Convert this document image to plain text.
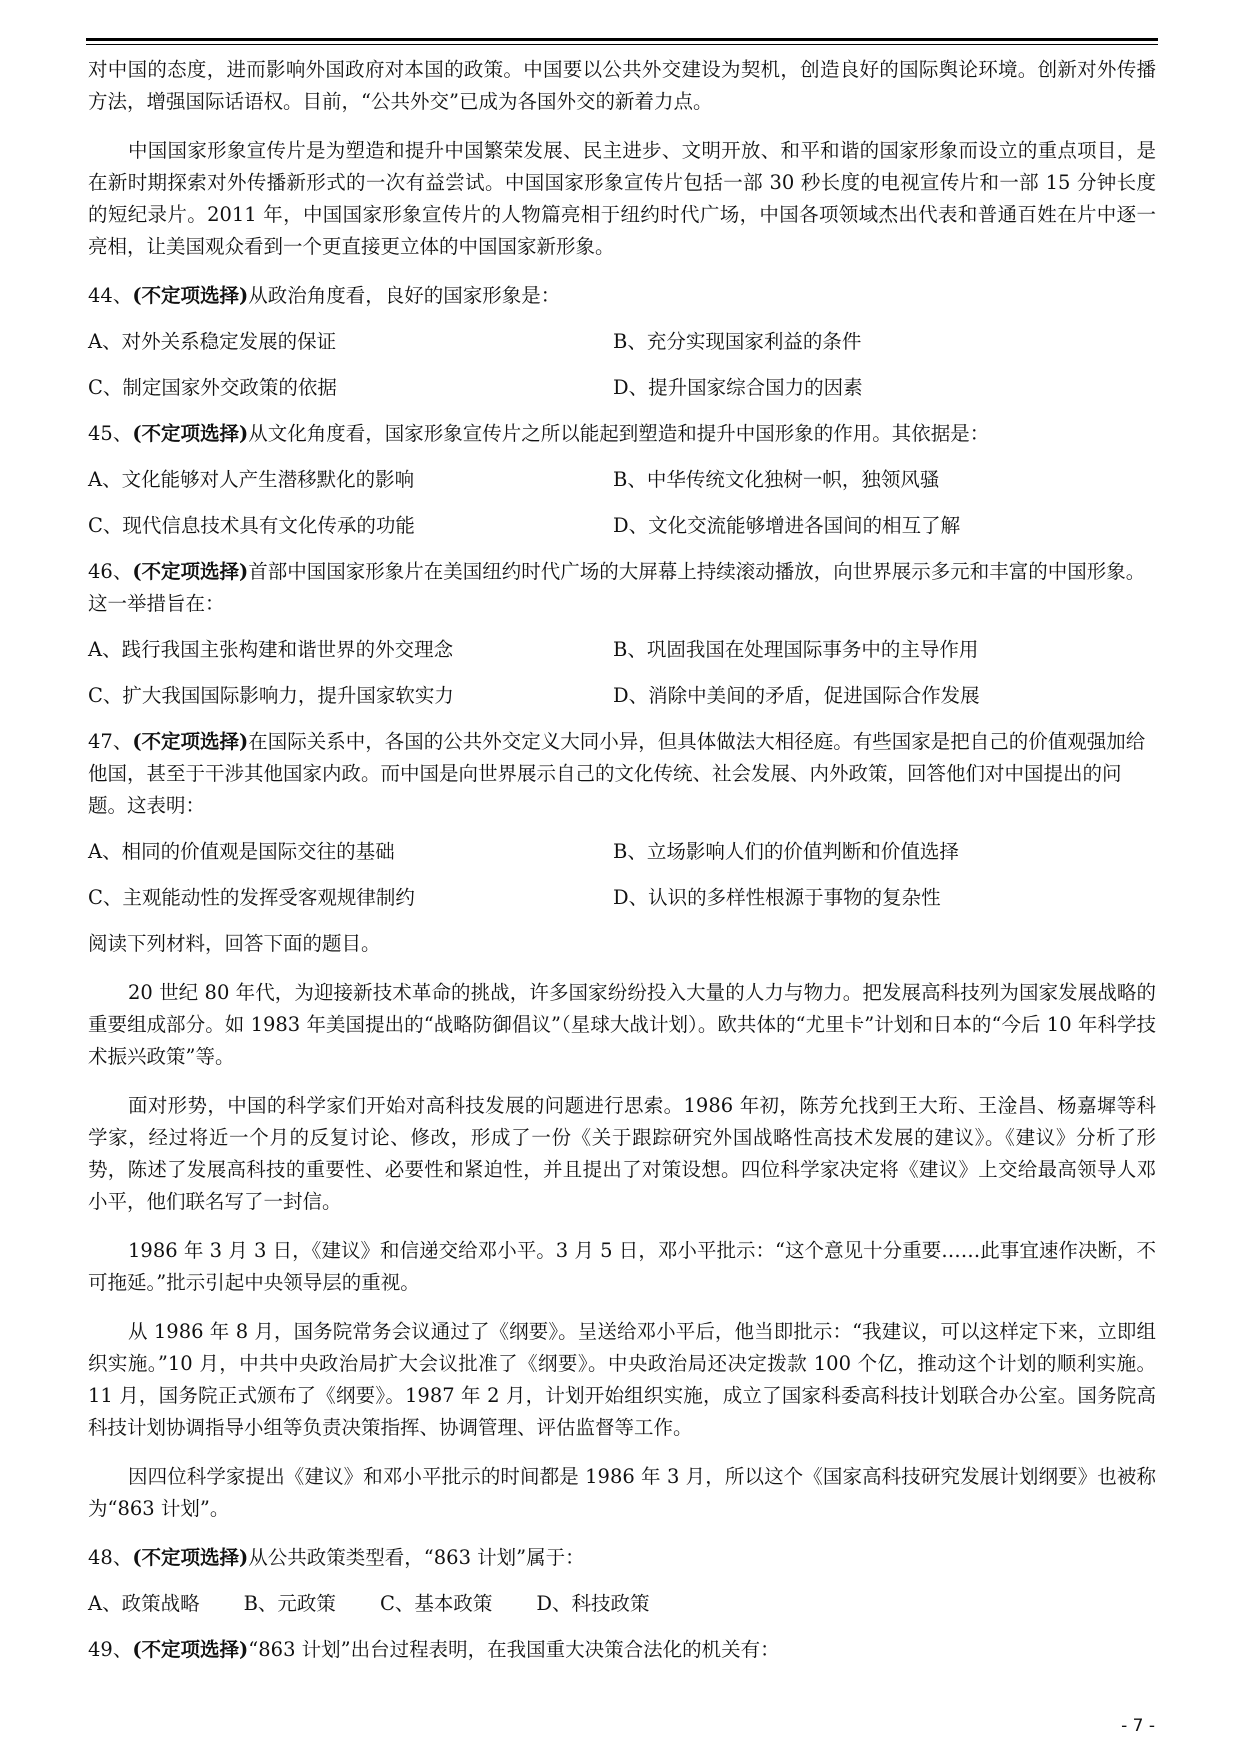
对中国的态度，进而影响外国政府对本国的政策。中国要以公共外交建设为契机，创造良好的国际舆论环境。创新对外传播方法，增强国际话语权。目前，“公共外交”已成为各国外交的新着力点。

中国国家形象宣传片是为塑造和提升中国繁荣发展、民主进步、文明开放、和平和谐的国家形象而设立的重点项目，是在新时期探索对外传播新形式的一次有益尝试。中国国家形象宣传片包括一部 30 秒长度的电视宣传片和一部 15 分钟长度的短纪录片。2011 年，中国国家形象宣传片的人物篇亮相于纽约时代广场，中国各项领域杰出代表和普通百姓在片中逐一亮相，让美国观众看到一个更直接更立体的中国国家新形象。

44、(不定项选择)从政治角度看，良好的国家形象是：
A、对外关系稳定发展的保证	B、充分实现国家利益的条件
C、制定国家外交政策的依据	D、提升国家综合国力的因素
45、(不定项选择)从文化角度看，国家形象宣传片之所以能起到塑造和提升中国形象的作用。其依据是：
A、文化能够对人产生潜移默化的影响	B、中华传统文化独树一帜，独领风骚
C、现代信息技术具有文化传承的功能	D、文化交流能够增进各国间的相互了解
46、(不定项选择)首部中国国家形象片在美国纽约时代广场的大屏幕上持续滚动播放，向世界展示多元和丰富的中国形象。这一举措旨在：
A、践行我国主张构建和谐世界的外交理念	B、巩固我国在处理国际事务中的主导作用
C、扩大我国国际影响力，提升国家软实力	D、消除中美间的矛盾，促进国际合作发展
47、(不定项选择)在国际关系中，各国的公共外交定义大同小异，但具体做法大相径庭。有些国家是把自己的价值观强加给他国，甚至于干涉其他国家内政。而中国是向世界展示自己的文化传统、社会发展、内外政策，回答他们对中国提出的问题。这表明：
A、相同的价值观是国际交往的基础	B、立场影响人们的价值判断和价值选择
C、主观能动性的发挥受客观规律制约	D、认识的多样性根源于事物的复杂性

阅读下列材料，回答下面的题目。

20 世纪 80 年代，为迎接新技术革命的挑战，许多国家纷纷投入大量的人力与物力。把发展高科技列为国家发展战略的重要组成部分。如 1983 年美国提出的“战略防御倡议”（星球大战计划）。欧共体的“尤里卡”计划和日本的“今后 10 年科学技术振兴政策”等。

面对形势，中国的科学家们开始对高科技发展的问题进行思索。1986 年初，陈芳允找到王大珩、王淦昌、杨嘉墀等科学家，经过将近一个月的反复讨论、修改，形成了一份《关于跟踪研究外国战略性高技术发展的建议》。《建议》分析了形势，陈述了发展高科技的重要性、必要性和紧迫性，并且提出了对策设想。四位科学家决定将《建议》上交给最高领导人邓小平，他们联名写了一封信。

1986 年 3 月 3 日，《建议》和信递交给邓小平。3 月 5 日，邓小平批示：“这个意见十分重要……此事宜速作决断，不可拖延。”批示引起中央领导层的重视。

从 1986 年 8 月，国务院常务会议通过了《纲要》。呈送给邓小平后，他当即批示：“我建议，可以这样定下来，立即组织实施。”10 月，中共中央政治局扩大会议批准了《纲要》。中央政治局还决定拨款 100 个亿，推动这个计划的顺利实施。11 月，国务院正式颁布了《纲要》。1987 年 2 月，计划开始组织实施，成立了国家科委高科技计划联合办公室。国务院高科技计划协调指导小组等负责决策指挥、协调管理、评估监督等工作。

因四位科学家提出《建议》和邓小平批示的时间都是 1986 年 3 月，所以这个《国家高科技研究发展计划纲要》也被称为“863 计划”。

48、(不定项选择)从公共政策类型看，“863 计划”属于：
A、政策战略 B、元政策 C、基本政策 D、科技政策
49、(不定项选择)“863 计划”出台过程表明，在我国重大决策合法化的机关有：
- 7 -
